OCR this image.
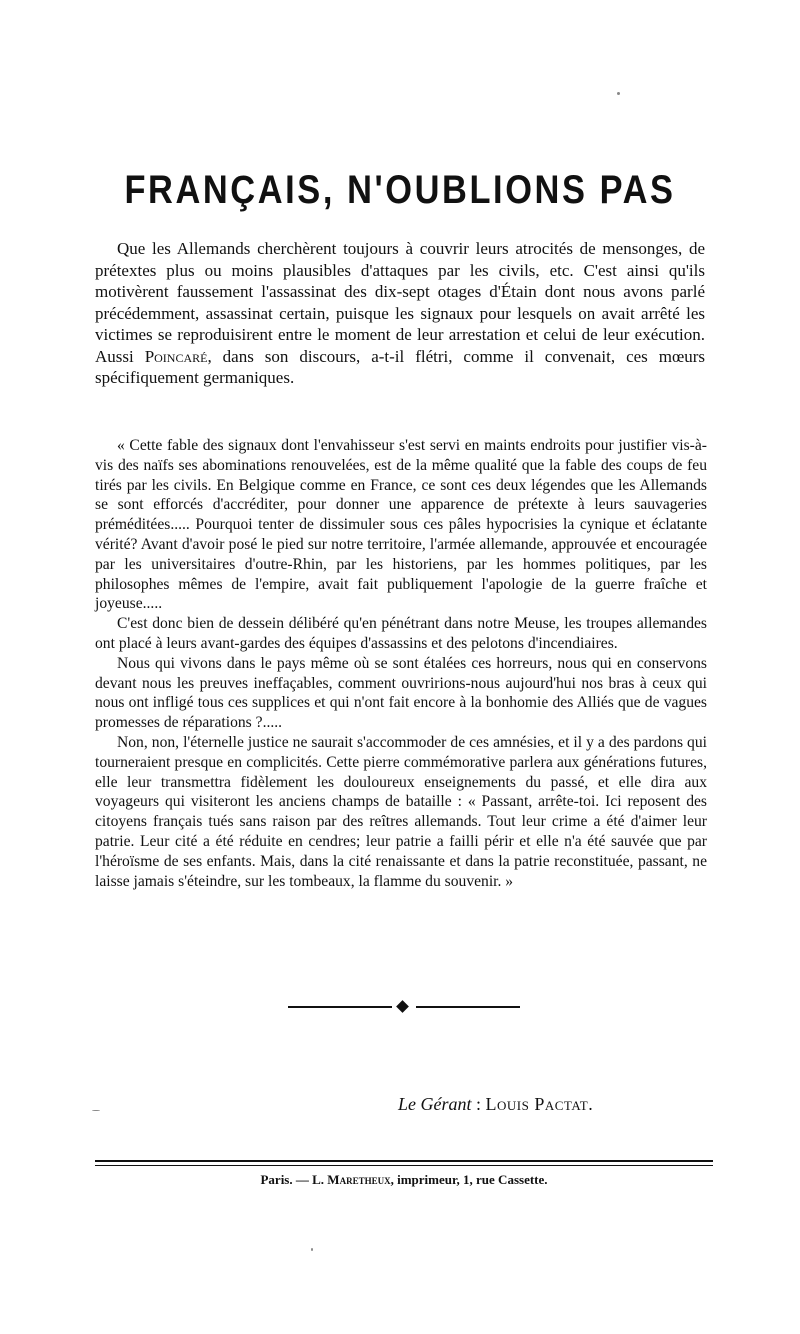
FRANÇAIS, N'OUBLIONS PAS

Que les Allemands cherchèrent toujours à couvrir leurs atrocités de mensonges, de prétextes plus ou moins plausibles d'attaques par les civils, etc. C'est ainsi qu'ils motivèrent faussement l'assassinat des dix-sept otages d'Étain dont nous avons parlé précédemment, assassinat certain, puisque les signaux pour lesquels on avait arrêté les victimes se reproduisirent entre le moment de leur arrestation et celui de leur exécution. Aussi Poincaré, dans son discours, a-t-il flétri, comme il convenait, ces mœurs spécifiquement germaniques.

« Cette fable des signaux dont l'envahisseur s'est servi en maints endroits pour justifier vis-à-vis des naïfs ses abominations renouvelées, est de la même qualité que la fable des coups de feu tirés par les civils. En Belgique comme en France, ce sont ces deux légendes que les Allemands se sont efforcés d'accréditer, pour donner une apparence de prétexte à leurs sauvageries préméditées..... Pourquoi tenter de dissimuler sous ces pâles hypocrisies la cynique et éclatante vérité? Avant d'avoir posé le pied sur notre territoire, l'armée allemande, approuvée et encouragée par les universitaires d'outre-Rhin, par les historiens, par les hommes politiques, par les philosophes mêmes de l'empire, avait fait publiquement l'apologie de la guerre fraîche et joyeuse.....

C'est donc bien de dessein délibéré qu'en pénétrant dans notre Meuse, les troupes allemandes ont placé à leurs avant-gardes des équipes d'assassins et des pelotons d'incendiaires.

Nous qui vivons dans le pays même où se sont étalées ces horreurs, nous qui en conservons devant nous les preuves ineffaçables, comment ouvririons-nous aujourd'hui nos bras à ceux qui nous ont infligé tous ces supplices et qui n'ont fait encore à la bonhomie des Alliés que de vagues promesses de réparations ?.....

Non, non, l'éternelle justice ne saurait s'accommoder de ces amnésies, et il y a des pardons qui tourneraient presque en complicités. Cette pierre commémorative parlera aux générations futures, elle leur transmettra fidèlement les douloureux enseignements du passé, et elle dira aux voyageurs qui visiteront les anciens champs de bataille : « Passant, arrête-toi. Ici reposent des citoyens français tués sans raison par des reîtres allemands. Tout leur crime a été d'aimer leur patrie. Leur cité a été réduite en cendres; leur patrie a failli périr et elle n'a été sauvée que par l'héroïsme de ses enfants. Mais, dans la cité renaissante et dans la patrie reconstituée, passant, ne laisse jamais s'éteindre, sur les tombeaux, la flamme du souvenir. »

Le Gérant : Louis Pactat.
Paris. — L. Maretheux, imprimeur, 1, rue Cassette.
